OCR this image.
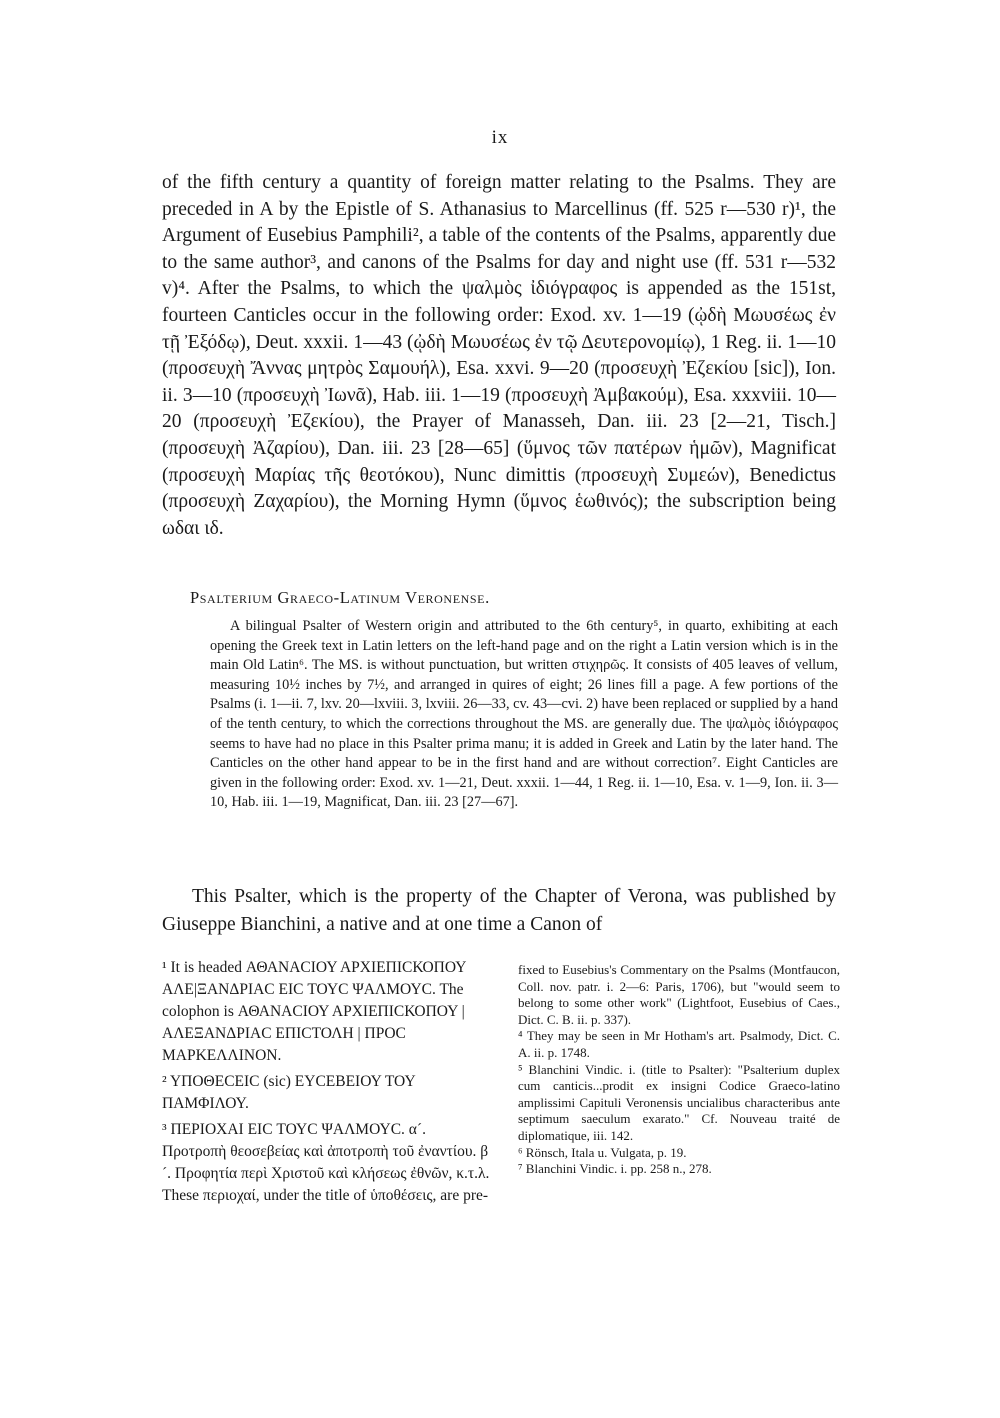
ix

of the fifth century a quantity of foreign matter relating to the Psalms. They are preceded in A by the Epistle of S. Athanasius to Marcellinus (ff. 525 r—530 r)¹, the Argument of Eusebius Pamphili², a table of the contents of the Psalms, apparently due to the same author³, and canons of the Psalms for day and night use (ff. 531 r—532 v)⁴. After the Psalms, to which the ψαλμὸς ἰδιόγραφος is appended as the 151st, fourteen Canticles occur in the following order: Exod. xv. 1—19 (ᾠδὴ Μωυσέως ἐν τῇ Ἐξόδῳ), Deut. xxxii. 1—43 (ᾠδὴ Μωυσέως ἐν τῷ Δευτερονομίῳ), 1 Reg. ii. 1—10 (προσευχὴ Ἄννας μητρὸς Σαμουήλ), Esa. xxvi. 9—20 (προσευχὴ Ἐζεκίου [sic]), Ion. ii. 3—10 (προσευχὴ Ἰωνᾶ), Hab. iii. 1—19 (προσευχὴ Ἀμβακούμ), Esa. xxxviii. 10—20 (προσευχὴ Ἐζεκίου), the Prayer of Manasseh, Dan. iii. 23 [2—21, Tisch.] (προσευχὴ Ἀζαρίου), Dan. iii. 23 [28—65] (ὕμνος τῶν πατέρων ἡμῶν), Magnificat (προσευχὴ Μαρίας τῆς θεοτόκου), Nunc dimittis (προσευχὴ Συμεών), Benedictus (προσευχὴ Ζαχαρίου), the Morning Hymn (ὕμνος ἑωθινός); the subscription being ωδαι ιδ.

Psalterium Graeco-Latinum Veronense.

A bilingual Psalter of Western origin and attributed to the 6th century⁵, in quarto, exhibiting at each opening the Greek text in Latin letters on the left-hand page and on the right a Latin version which is in the main Old Latin⁶. The MS. is without punctuation, but written στιχηρῶς. It consists of 405 leaves of vellum, measuring 10½ inches by 7½, and arranged in quires of eight; 26 lines fill a page. A few portions of the Psalms (i. 1—ii. 7, lxv. 20—lxviii. 3, lxviii. 26—33, cv. 43—cvi. 2) have been replaced or supplied by a hand of the tenth century, to which the corrections throughout the MS. are generally due. The ψαλμὸς ἰδιόγραφος seems to have had no place in this Psalter prima manu; it is added in Greek and Latin by the later hand. The Canticles on the other hand appear to be in the first hand and are without correction⁷. Eight Canticles are given in the following order: Exod. xv. 1—21, Deut. xxxii. 1—44, 1 Reg. ii. 1—10, Esa. v. 1—9, Ion. ii. 3—10, Hab. iii. 1—19, Magnificat, Dan. iii. 23 [27—67].

This Psalter, which is the property of the Chapter of Verona, was published by Giuseppe Bianchini, a native and at one time a Canon of

¹ It is headed ΑΘΑΝΑCΙΟΥ ΑΡΧΙΕΠΙCΚΟΠΟΥ ΑΛΕ|ΞΑΝΔΡΙΑC ΕΙC ΤΟΥC ΨΑΛΜΟΥC. The colophon is ΑΘΑΝΑCΙΟΥ ΑΡΧΙΕΠΙCΚΟΠΟΥ | ΑΛΕΞΑΝΔΡΙΑC ΕΠΙCΤΟΛΗ | ΠΡΟC ΜΑΡΚΕΛΛΙΝΟΝ.

² ΥΠΟΘΕCΕΙC (sic) ΕΥCΕΒΕΙΟΥ ΤΟΥ ΠΑΜΦΙΛΟΥ.

³ ΠΕΡΙΟΧΑΙ ΕΙC ΤΟΥC ΨΑΛΜΟΥC. α´. Προτροπὴ θεοσεβείας καὶ ἀποτροπὴ τοῦ ἐναντίου. β´. Προφητία περὶ Χριστοῦ καὶ κλήσεως ἐθνῶν, κ.τ.λ. These περιοχαί, under the title of ὑποθέσεις, are pre-

fixed to Eusebius's Commentary on the Psalms (Montfaucon, Coll. nov. patr. i. 2—6: Paris, 1706), but "would seem to belong to some other work" (Lightfoot, Eusebius of Caes., Dict. C. B. ii. p. 337).

⁴ They may be seen in Mr Hotham's art. Psalmody, Dict. C. A. ii. p. 1748.

⁵ Blanchini Vindic. i. (title to Psalter): "Psalterium duplex cum canticis...prodit ex insigni Codice Graeco-latino amplissimi Capituli Veronensis uncialibus characteribus ante septimum saeculum exarato." Cf. Nouveau traité de diplomatique, iii. 142.

⁶ Rönsch, Itala u. Vulgata, p. 19.

⁷ Blanchini Vindic. i. pp. 258 n., 278.
